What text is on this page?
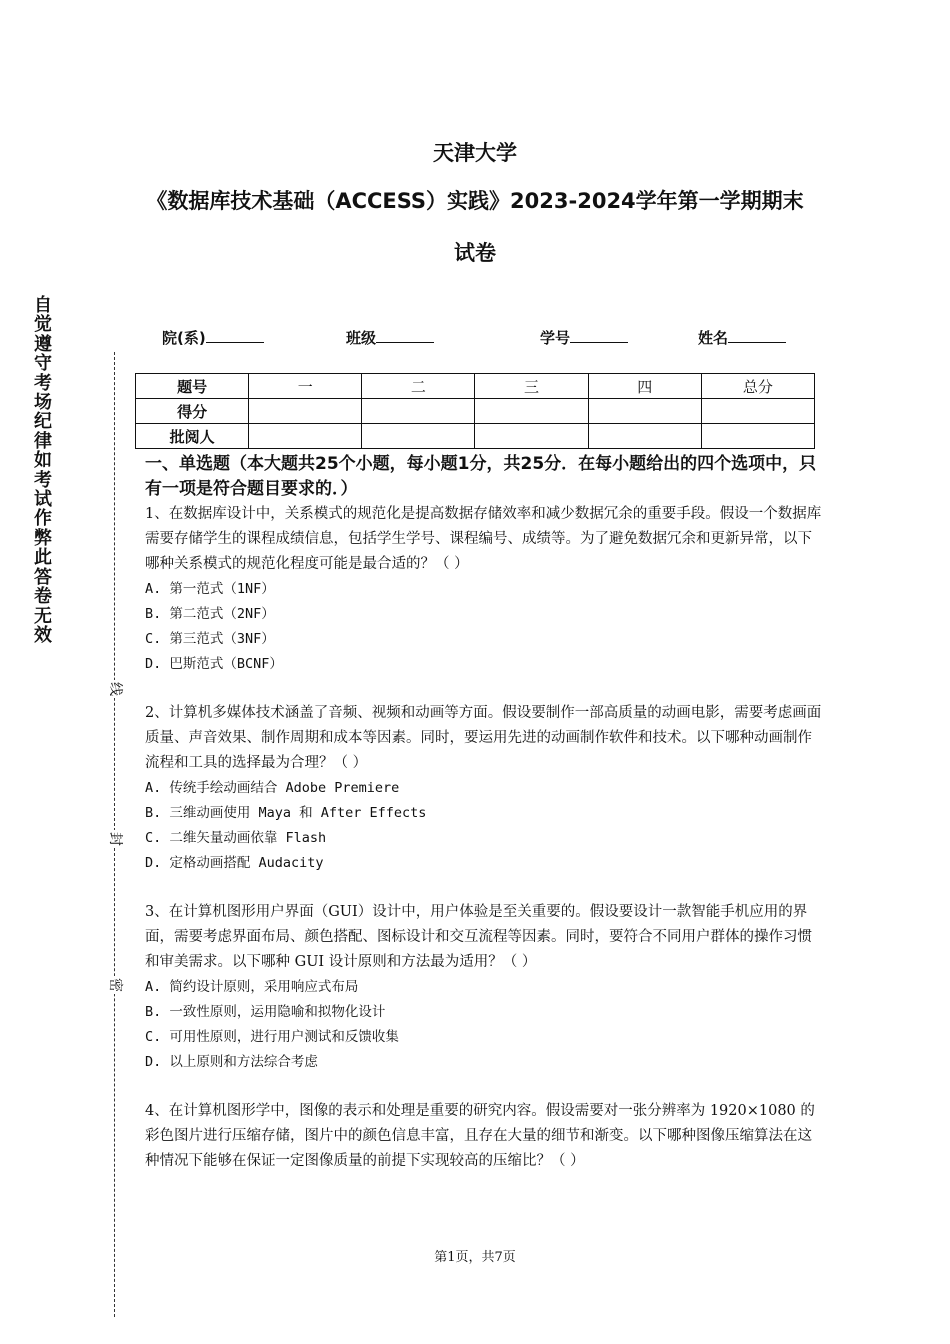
天津大学
《数据库技术基础（ACCESS）实践》2023-2024学年第一学期期末
试卷
自觉遵守考场纪律如考试作弊此答卷无效
线
封
密
院(系)	班级	学号	姓名
题号	一	二	三	四	总分
得分					
批阅人					
一、单选题（本大题共25个小题，每小题1分，共25分．在每小题给出的四个选项中，只有一项是符合题目要求的．）

1、在数据库设计中，关系模式的规范化是提高数据存储效率和减少数据冗余的重要手段。假设一个数据库需要存储学生的课程成绩信息，包括学生学号、课程编号、成绩等。为了避免数据冗余和更新异常，以下哪种关系模式的规范化程度可能是最合适的？（ ）

A. 第一范式（1NF）
B. 第二范式（2NF）
C. 第三范式（3NF）
D. 巴斯范式（BCNF）

2、计算机多媒体技术涵盖了音频、视频和动画等方面。假设要制作一部高质量的动画电影，需要考虑画面质量、声音效果、制作周期和成本等因素。同时，要运用先进的动画制作软件和技术。以下哪种动画制作流程和工具的选择最为合理？（ ）

A. 传统手绘动画结合 Adobe Premiere
B. 三维动画使用 Maya 和 After Effects
C. 二维矢量动画依靠 Flash
D. 定格动画搭配 Audacity

3、在计算机图形用户界面（GUI）设计中，用户体验是至关重要的。假设要设计一款智能手机应用的界面，需要考虑界面布局、颜色搭配、图标设计和交互流程等因素。同时，要符合不同用户群体的操作习惯和审美需求。以下哪种 GUI 设计原则和方法最为适用？（ ）

A. 简约设计原则，采用响应式布局
B. 一致性原则，运用隐喻和拟物化设计
C. 可用性原则，进行用户测试和反馈收集
D. 以上原则和方法综合考虑

4、在计算机图形学中，图像的表示和处理是重要的研究内容。假设需要对一张分辨率为 1920×1080 的彩色图片进行压缩存储，图片中的颜色信息丰富，且存在大量的细节和渐变。以下哪种图像压缩算法在这种情况下能够在保证一定图像质量的前提下实现较高的压缩比？（ ）

第1页，共7页
